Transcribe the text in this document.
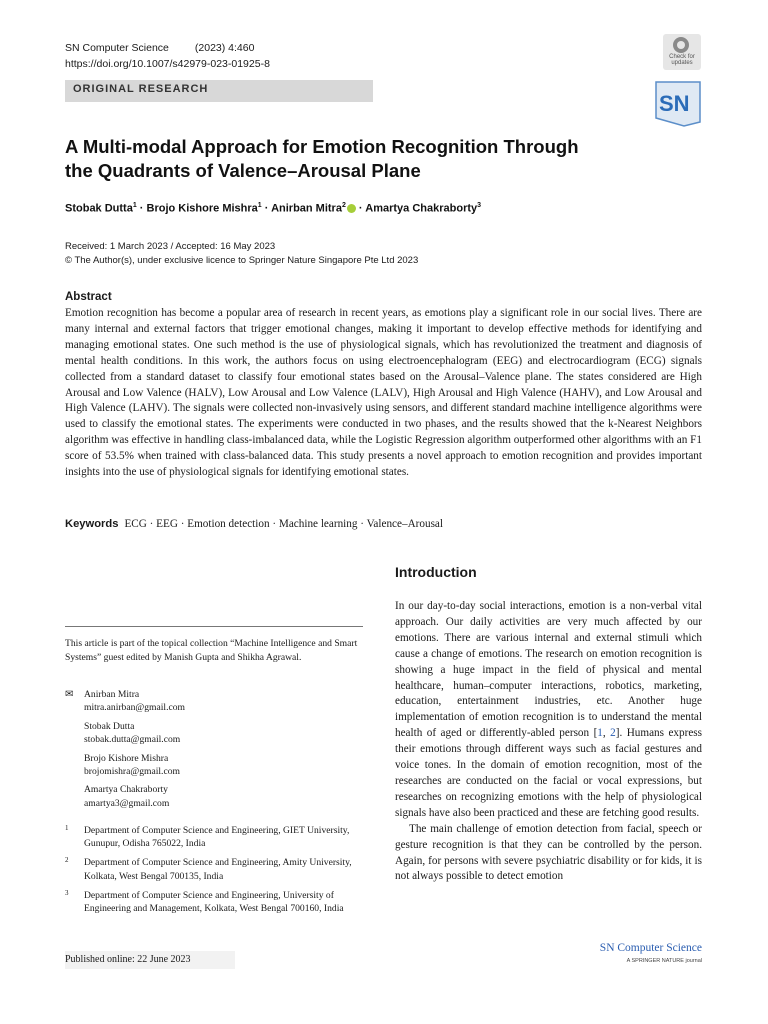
SN Computer Science (2023) 4:460
https://doi.org/10.1007/s42979-023-01925-8
ORIGINAL RESEARCH
Check for updates
SN
A Multi-modal Approach for Emotion Recognition Through the Quadrants of Valence–Arousal Plane
Stobak Dutta$^1$ · Brojo Kishore Mishra$^1$ · Anirban Mitra$^2$ · Amartya Chakraborty$^3$
Received: 1 March 2023 / Accepted: 16 May 2023
© The Author(s), under exclusive licence to Springer Nature Singapore Pte Ltd 2023
Abstract
Emotion recognition has become a popular area of research in recent years, as emotions play a significant role in our social lives. There are many internal and external factors that trigger emotional changes, making it important to develop effective methods for identifying and managing emotional states. One such method is the use of physiological signals, which has revolutionized the treatment and diagnosis of mental health conditions. In this work, the authors focus on using electroencephalogram (EEG) and electrocardiogram (ECG) signals collected from a standard dataset to classify four emotional states based on the Arousal–Valence plane. The states considered are High Arousal and Low Valence (HALV), Low Arousal and Low Valence (LALV), High Arousal and High Valence (HAHV), and Low Arousal and High Valence (LAHV). The signals were collected non-invasively using sensors, and different standard machine intelligence algorithms were used to classify the emotional states. The experiments were conducted in two phases, and the results showed that the k-Nearest Neighbors algorithm was effective in handling class-imbalanced data, while the Logistic Regression algorithm outperformed other algorithms with an F1 score of 53.5% when trained with class-balanced data. This study presents a novel approach to emotion recognition and provides important insights into the use of physiological signals for identifying emotional states.
Keywords ECG · EEG · Emotion detection · Machine learning · Valence–Arousal
Introduction

In our day-to-day social interactions, emotion is a non-verbal vital approach. Our daily activities are very much affected by our emotions. There are various internal and external stimuli which cause a change of emotions. The research on emotion recognition is showing a huge impact in the field of physical and mental healthcare, human–computer interactions, robotics, marketing, education, entertainment industries, etc. Another huge implementation of emotion recognition is to understand the mental health of aged or differently-abled person [1, 2]. Humans express their emotions through different ways such as facial gestures and voice tones. In the domain of emotion recognition, most of the researches are conducted on the facial or vocal expressions, but researches on recognizing emotions with the help of physiological signals have also been practiced and these are fetching good results.

The main challenge of emotion detection from facial, speech or gesture recognition is that they can be controlled by the person. Again, for persons with severe psychiatric disability or for kids, it is not always possible to detect emotion

This article is part of the topical collection “Machine Intelligence and Smart Systems” guest edited by Manish Gupta and Shikha Agrawal.
✉ Anirban Mitra
mitra.anirban@gmail.com
Stobak Dutta
stobak.dutta@gmail.com
Brojo Kishore Mishra
brojomishra@gmail.com
Amartya Chakraborty
amartya3@gmail.com
1 Department of Computer Science and Engineering, GIET University, Gunupur, Odisha 765022, India
2 Department of Computer Science and Engineering, Amity University, Kolkata, West Bengal 700135, India
3 Department of Computer Science and Engineering, University of Engineering and Management, Kolkata, West Bengal 700160, India
Published online: 22 June 2023
SN Computer Science
A SPRINGER NATURE journal
